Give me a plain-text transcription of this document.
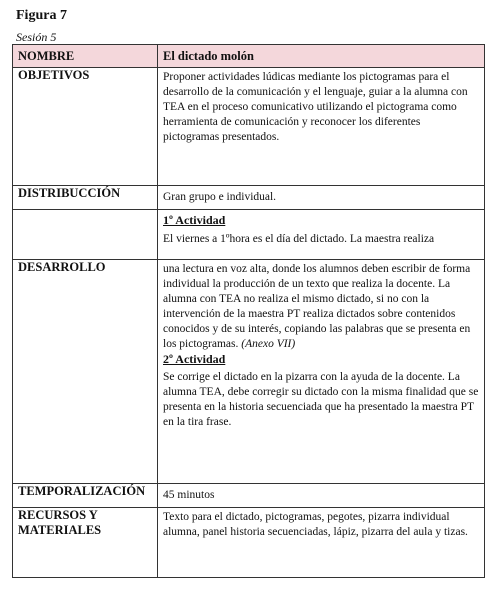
Figura 7
Sesión 5
NOMBRE	El dictado molón
OBJETIVOS	Proponer actividades lúdicas mediante los pictogramas para el desarrollo de la comunicación y el lenguaje, guiar a la alumna con TEA en el proceso comunicativo utilizando el pictograma como herramienta de comunicación y reconocer los diferentes pictogramas presentados.

DISTRIBUCCIÓN	Gran grupo e individual.

	1º Actividad
El viernes a 1ºhora es el día del dictado. La maestra realiza

DESARROLLO	una lectura en voz alta, donde los alumnos deben escribir de forma individual la producción de un texto que realiza la docente. La alumna con TEA no realiza el mismo dictado, si no con la intervención de la maestra PT realiza dictados sobre contenidos conocidos y de su interés, copiando las palabras que se presenta en los pictogramas. (Anexo VII)
2º Actividad
Se corrige el dictado en la pizarra con la ayuda de la docente. La alumna TEA, debe corregir su dictado con la misma finalidad que se presenta en la historia secuenciada que ha presentado la maestra PT en la tira frase.

TEMPORALIZACIÓN	45 minutos

RECURSOS Y
MATERIALES	Texto para el dictado, pictogramas, pegotes, pizarra individual alumna, panel historia secuenciadas, lápiz, pizarra del aula y tizas.
